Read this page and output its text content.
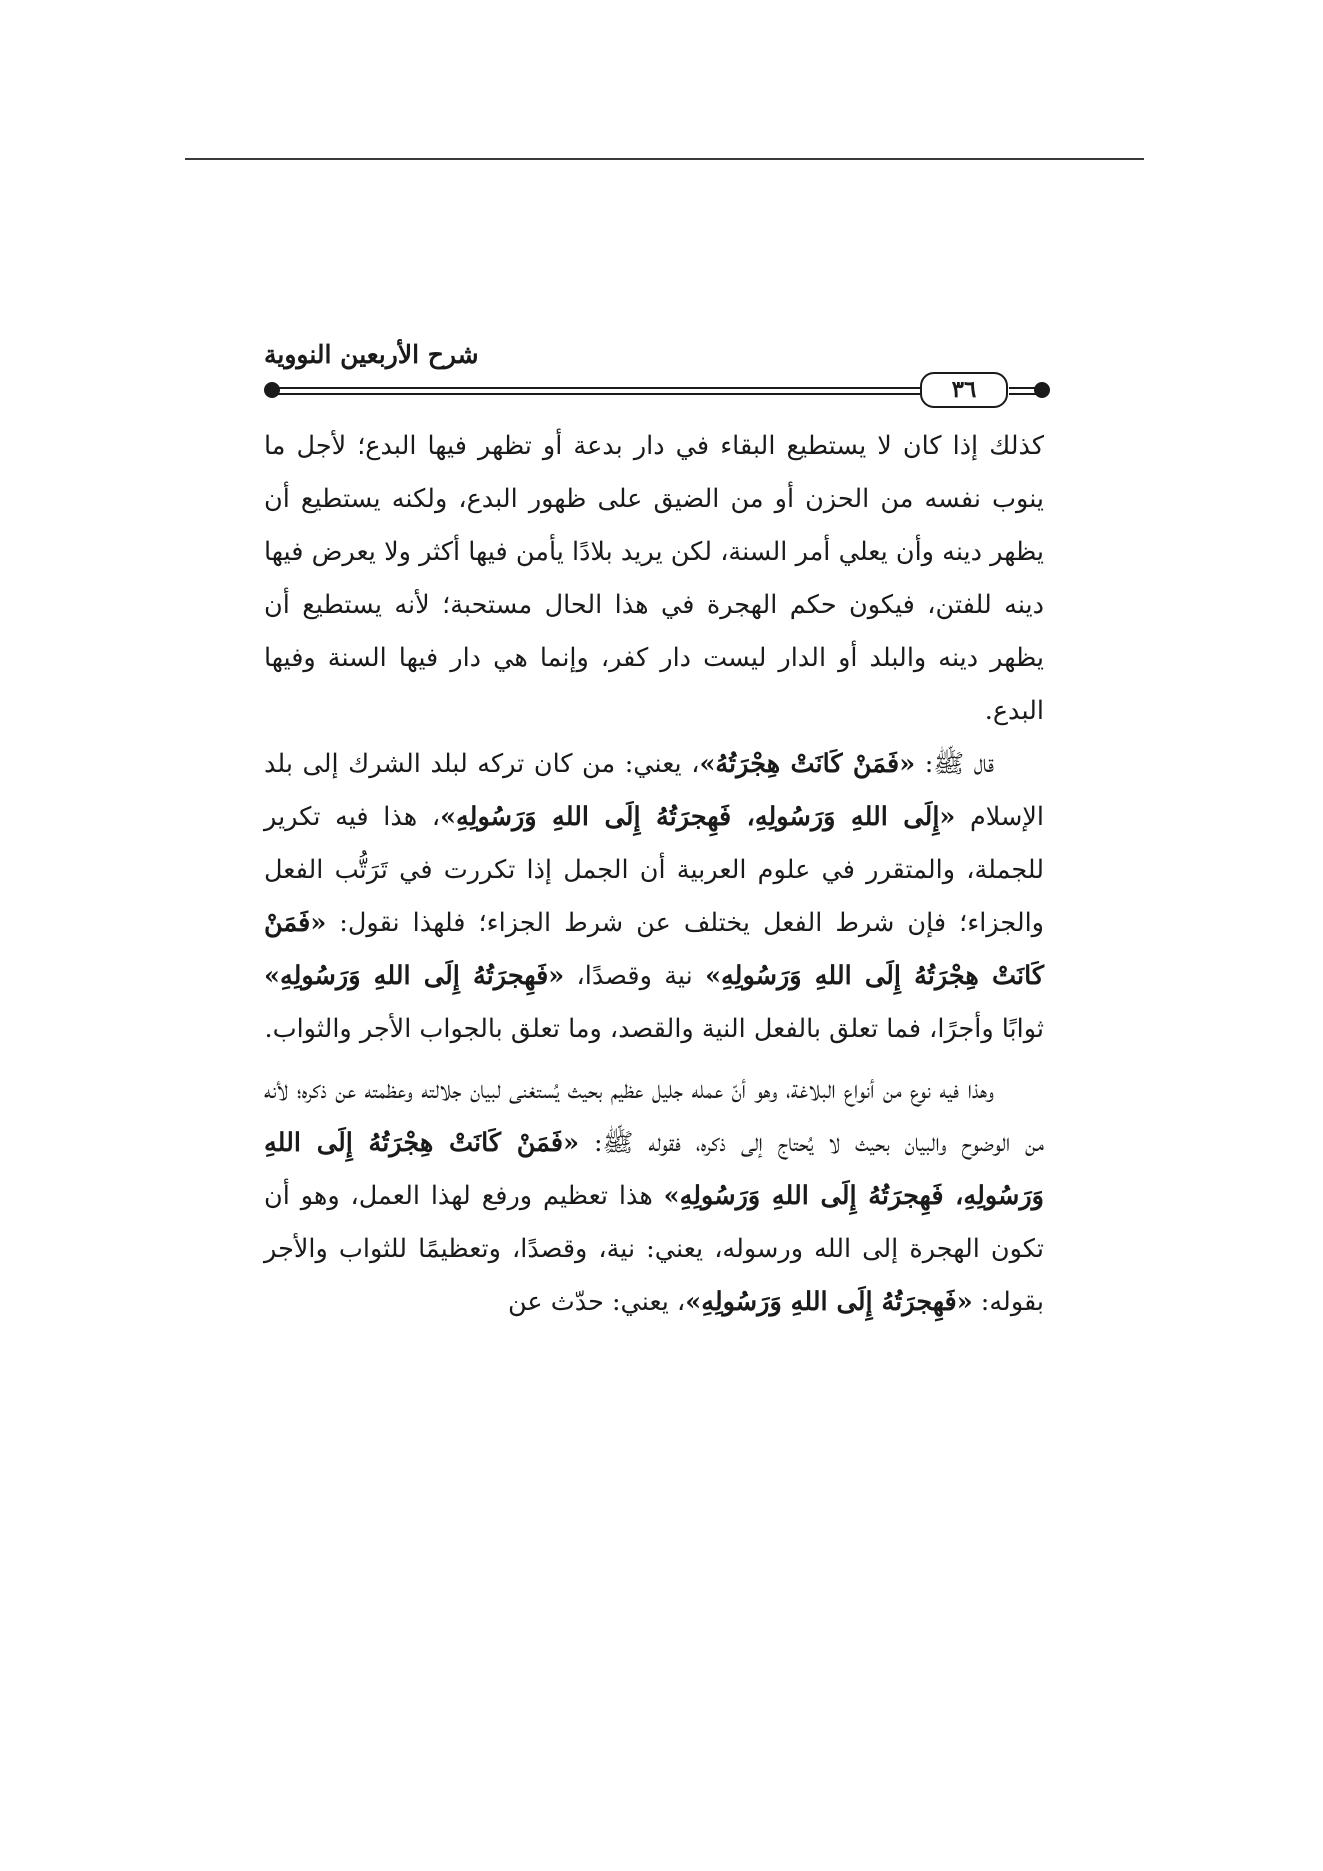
شرح الأربعين النووية
٣٦

كذلك إذا كان لا يستطيع البقاء في دار بدعة أو تظهر فيها البدع؛ لأجل ما ينوب نفسه من الحزن أو من الضيق على ظهور البدع، ولكنه يستطيع أن يظهر دينه وأن يعلي أمر السنة، لكن يريد بلادًا يأمن فيها أكثر ولا يعرض فيها دينه للفتن، فيكون حكم الهجرة في هذا الحال مستحبة؛ لأنه يستطيع أن يظهر دينه والبلد أو الدار ليست دار كفر، وإنما هي دار فيها السنة وفيها البدع.

قال ﷺ: «فَمَنْ كَانَتْ هِجْرَتُهُ»، يعني: من كان تركه لبلد الشرك إلى بلد الإسلام «إِلَى اللهِ وَرَسُولِهِ، فَهِجرَتُهُ إِلَى اللهِ وَرَسُولِهِ»، هذا فيه تكرير للجملة، والمتقرر في علوم العربية أن الجمل إذا تكررت في تَرَتُّب الفعل والجزاء؛ فإن شرط الفعل يختلف عن شرط الجزاء؛ فلهذا نقول: «فَمَنْ كَانَتْ هِجْرَتُهُ إِلَى اللهِ وَرَسُولِهِ» نية وقصدًا، «فَهِجرَتُهُ إِلَى اللهِ وَرَسُولِهِ» ثوابًا وأجرًا، فما تعلق بالفعل النية والقصد، وما تعلق بالجواب الأجر والثواب.

وهذا فيه نوع من أنواع البلاغة، وهو أنّ عمله جليل عظيم بحيث يُستغنى لبيان جلالته وعظمته عن ذكره؛ لأنه من الوضوح والبيان بحيث لا يُحتاج إلى ذكره، فقوله ﷺ: «فَمَنْ كَانَتْ هِجْرَتُهُ إِلَى اللهِ وَرَسُولِهِ، فَهِجرَتُهُ إِلَى اللهِ وَرَسُولِهِ» هذا تعظيم ورفع لهذا العمل، وهو أن تكون الهجرة إلى الله ورسوله، يعني: نية، وقصدًا، وتعظيمًا للثواب والأجر بقوله: «فَهِجرَتُهُ إِلَى اللهِ وَرَسُولِهِ»، يعني: حدّث عن
